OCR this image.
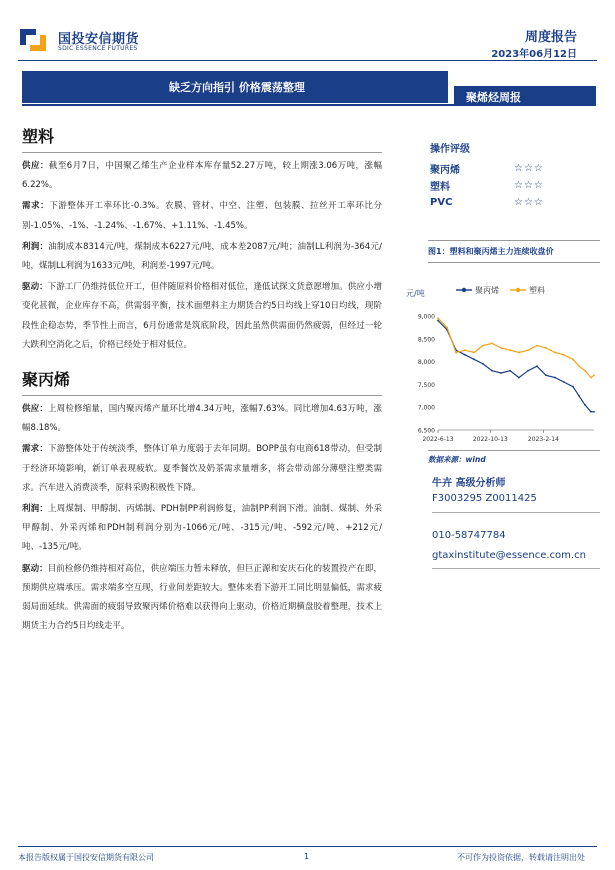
国投安信期货
SDIC ESSENCE FUTURES
周度报告
2023年06月12日
缺乏方向指引 价格震荡整理
聚烯烃周报
塑料

供应：截至6月7日，中国聚乙烯生产企业样本库存量52.27万吨，较上期涨3.06万吨，涨幅6.22%。

需求：下游整体开工率环比-0.3%。农膜、管材、中空、注塑、包装膜、拉丝开工率环比分别-1.05%、-1%、-1.24%、-1.67%、+1.11%、-1.45%。

利润：油制成本8314元/吨，煤制成本6227元/吨，成本差2087元/吨；油制LL利润为-364元/吨，煤制LL利润为1633元/吨，利润差-1997元/吨。

驱动：下游工厂仍维持低位开工，但伴随原料价格相对低位，逢低试探文货意愿增加。供应小增变化甚微，企业库存不高，供需弱平衡，技术面塑料主力期货合约5日均线上穿10日均线，现阶段性企稳态势，季节性上而言，6月份通常是筑底阶段，因此虽然供需面仍然疲弱，但经过一轮大跌利空消化之后，价格已经处于相对低位。

聚丙烯

供应：上周检修缩量，国内聚丙烯产量环比增4.34万吨，涨幅7.63%。同比增加4.63万吨，涨幅8.18%。

需求：下游整体处于传统淡季，整体订单力度弱于去年同期。BOPP虽有电商618带动，但受制于经济环境影响，新订单表现疲软。夏季餐饮及奶茶需求量增多，将会带动部分薄壁注塑类需求。汽车进入消费淡季，原料采购积极性下降。

利润：上周煤制、甲醇制、丙烯制、PDH制PP利润修复，油制PP利润下滑。油制、煤制、外采甲醇制、外采丙烯和PDH制利润分别为-1066元/吨、-315元/吨、-592元/吨、+212元/吨、-135元/吨。

驱动：目前检修仍维持相对高位，供应端压力暂未释放，但巨正源和安庆石化的装置投产在即，预期供应端承压。需求端多空互现，行业间差距较大。整体来看下游开工同比明显偏低，需求疲弱局面延续。供需面的疲弱导致聚丙烯价格难以获得向上驱动，价格近期横盘胶着整理，技术上期货主力合约5日均线走平。

操作评级
聚丙烯	☆☆☆
塑料	☆☆☆
PVC	☆☆☆
图1：塑料和聚丙烯主力连续收盘价
元/吨	聚丙烯	塑料
6,500
7,000
7,500
8,000
8,500
9,000
2022-6-13	2022-10-13	2023-2-14
数据来源：wind
牛卉 高级分析师
F3003295 Z0011425
010-58747784
gtaxinstitute@essence.com.cn
本报告版权属于国投安信期货有限公司	1	不可作为投资依据，转载请注明出处
